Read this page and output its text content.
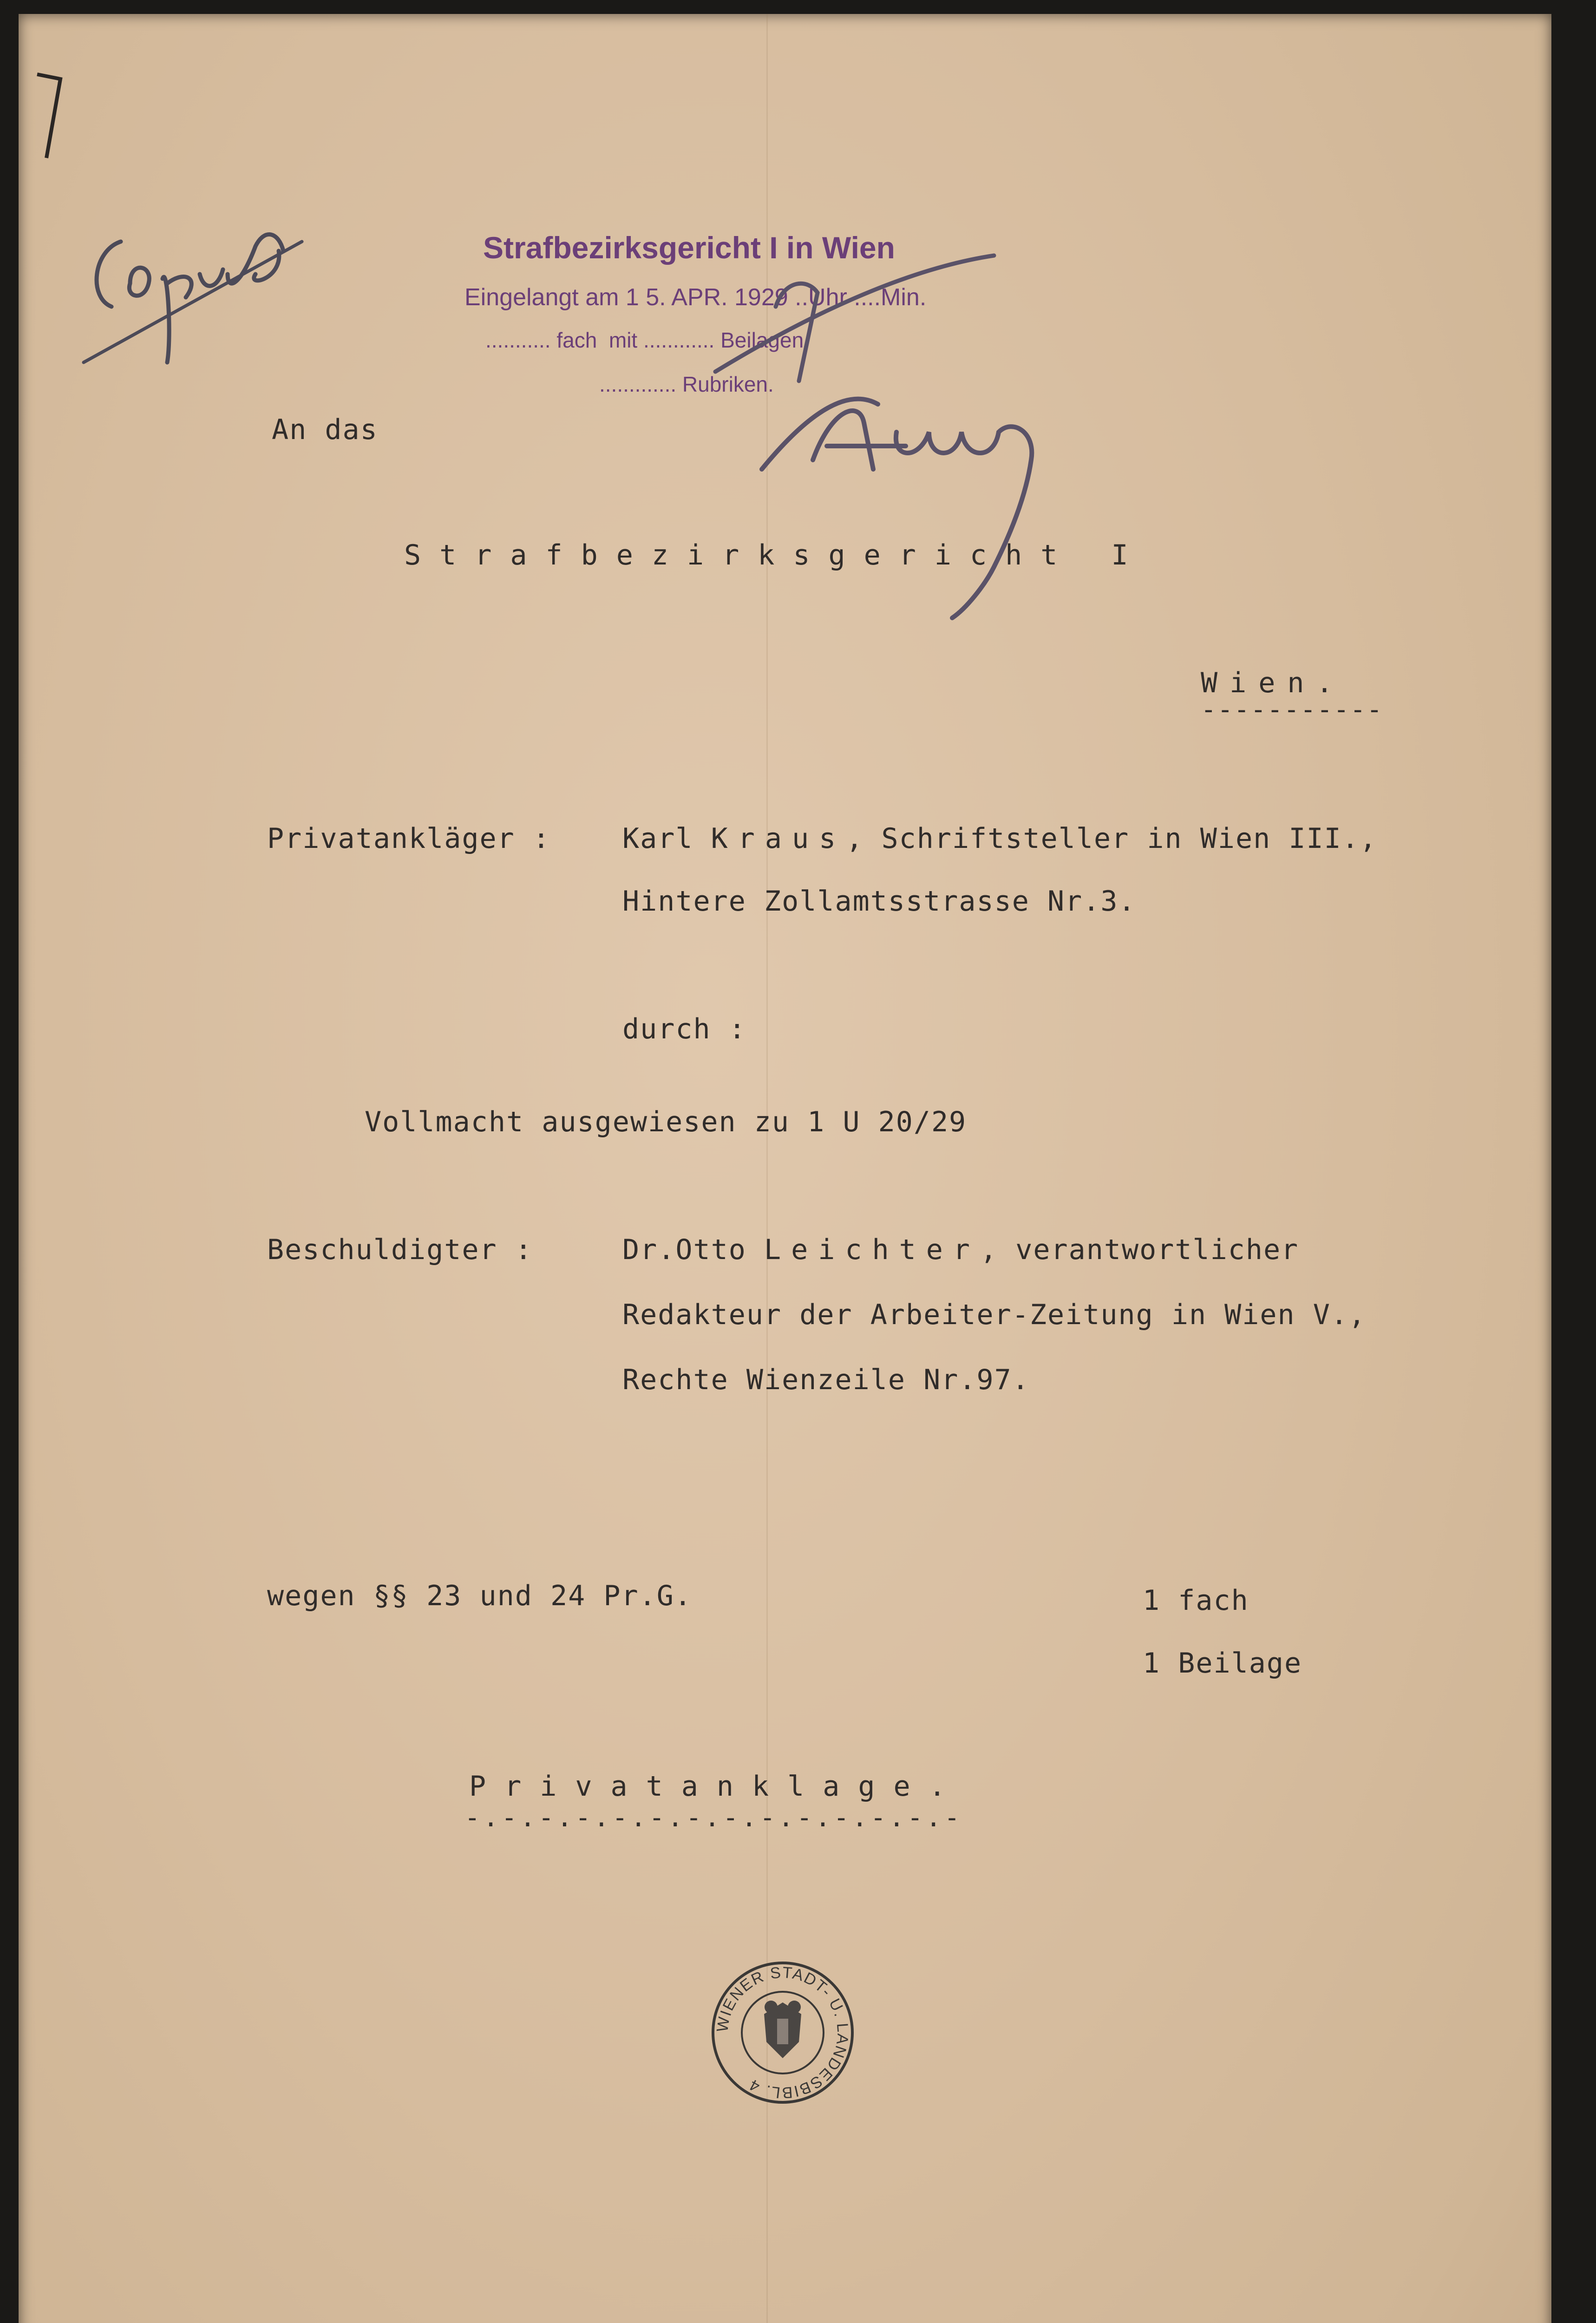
Strafbezirksgericht I in Wien
Eingelangt am 1 5. APR. 1929 ..Uhr ....Min.
........... fach  mit ............ Beilagen
............. Rubriken.
An das
Strafbezirksgericht I
Wien.
-----------
Privatankläger :	Karl Kraus, Schriftsteller in Wien III.,
Hintere Zollamtsstrasse Nr.3.
durch :
Vollmacht ausgewiesen zu 1 U 20/29
Beschuldigter :	Dr.Otto Leichter, verantwortlicher
Redakteur der Arbeiter-Zeitung in Wien V.,
Rechte Wienzeile Nr.97.
wegen §§ 23 und 24 Pr.G.	1 fach
1 Beilage
Privatanklage.
-.-.-.-.-.-.-.-.-.-.-.-.-.-
WIENER STADT- U. LANDESBIBL. 4
